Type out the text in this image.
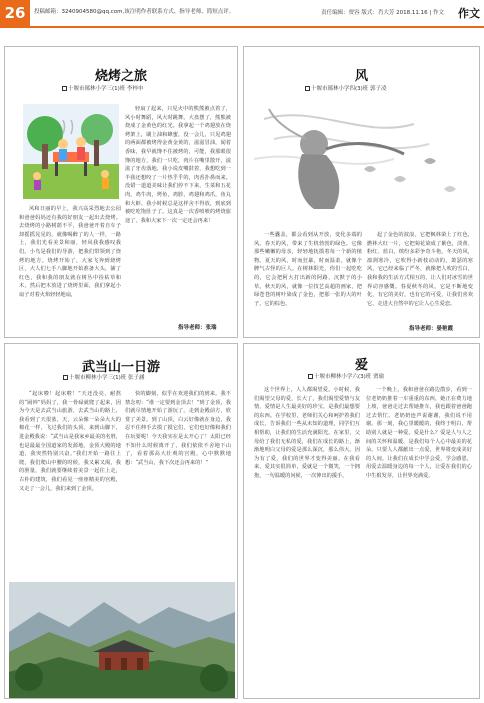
26	投稿邮箱：3240904580@qq.com,该注明作者联系方式、指导老师、简短点评。	责任编辑：贾容 版式：肖大芳 2018.11.16 | 作文 作文
烧烤之旅
十堰市郧林小学三(1)班 李梓申
风和日丽的早上，我兴高采烈地去公园和爸爸妈妈还有我的好朋友一起出去烧烤。去烧烤的小路树荫不平，我爸爸开着自车子却摇摇晃晃的，就像喝醉了的人一样，一路上，我们光看美景和丽，轻风我我感叹我们。小鸟是我们的导游，把我们带领到了烧烤的地方。烧烤开始了，大家飞奔到烧烤区，大人们七手八脚地开始准备大头，铺了红色，我和我的朋友就在树丛中捡枯草和木，然后把木放进了烧烤里面，我们拿起小扇子对着火焰轻轻地扇，
轻扇了起来，只见火中的熊熊被点着了，风小时舞蹈，风大时跳舞。大盘摆了，熊熊被烧成了金黄色的红光。我拿起一个鸡翅放在烧烤架上，刷上油和蜂蜜，没一会儿，只见鸡翅的两面都被烤得金黄金黄的，滋滋冒油，闻着香味，我早就馋不住被烤的，可能，我那眼很馋的地方，我们一只吃，肉片在嘴里散开，滋滋了牙齿落地，我小说皮嘴鼓着，我想吃到一半我还想咬了一片热乎乎的，肉香扑鼻而来。没错一道道美味让我们停不下来，生菜和五花肉，鸡牛肉，烤鱼，鸡胗，鸡翅和鸡爪，鱼丸和大虾。我小时候总是这样舍不得放，到底到被吃吃饱肚子了。这真是一次香喷喷的烤烧旅途了，我和大家下一次一定还会再来！
指导老师：张瑞
风
十堰市郧林小学四(3)班 郭子凌
一些囊盖，都会看到从开放，变化多端的风。春天的风，带来了生机勃勃的绿色。它像那些嫩嫩的母亲，轻轻地抚摸着每一个新的植物。夏天的风，时而狂暴，时而温柔。就像个脾气古怪的巨人。在树林阳光，你们一起吃吃的，它会把阿大打出新的阿路，沉默于的小草。秋天的风，就像一位技艺高超的画家，把绿苍苍的树叶染成了金色，把那一张的大的叶子，它的棕色，
起了金色的波浪，它把枫林染上了红色，燃林大红一片，它把菊花染成了紫色，淡黄、粉红、蓝白，缤纷多彩争奇斗艳。冬天的风，凛冽寒冷，它吹得小新枝动动的，萧瑟的寒风，它已经来临了严冬，就像把人吹的雪白，我和我的生活方式相互的，让人们对冰雪的世界动容感慨。春夏秋冬的风，它是不断地变化，有它的美好，也有它的可爱，让我们喜欢它，走进大自然中的它让人心生爱恋。
指导老师：晏艳霞
武当山一日游
十堰市柳林小学三(1)班 张子涵
“起床啦！起床啦！”天还没亮，耐熬的“闹钟”妈妈了，我一骨碌就爬了起来，因为今天是去武当山旅游，去武当山的路上，我看到了天很蓝，天，云朵像一朵朵大大的棉花一样，飞过我们的头顶。来到山脚下，进金殿我说：“武当山是我家乡最美的名胜，也是最最全国道家的发源地。金顶大殿的地道，我突然特别兴奋。”我们开始一路往上爬，我们爬山中腰的时候，我又累又渴，我的胆量，我们就要继续着美景一起往上走，古朴的建筑，我们看见一座座精美的宫殿，又走了一会儿，我们来到了金顶。
快的脚刻，似乎在欢迎我们的到来。我不禁念叨：“谁一定要到金顶去！”到了金顶，我们就尽情地开始了游玩了。走到金殿前方，欣赏了美景。到了山顶，白云好像就在身边，我忍不住伸手去摸了摸它们，它们也好像和我们在玩耍呢！今天我实在是太开心了！太阳已经不知什么时候离开了，我们依依不舍地下山了，看着那高大壮观的宫殿，心中默默地想：“武当山，我下次还会再来的！”
爱
十堰市柳林小学六(3)班 贾瑜
这个世界上，人人都渴望爱。小时候，我们渴望父母的爱，长大了，我们渴望爱情与友情，爱情是人生最美好的珍宝，是我们最想要的东西。在学校里，老师们关心和呵护着我们成长，告诉我们一些从未知的道理，同学们互相帮助，让我们的生活充满阳光。在家里，父母给了我们无私的爱，我们在成长的路上，渐渐地明白父母的爱是那么深沉，那么伟大。因为有了爱，我们的世界才变得美丽。在我看来，爱其实很简单，爱就是一个微笑，一个拥抱，一句温暖的问候，一次伸出的援手。
一个晚上，我和爸爸在路边散步，看到一位老奶奶推着一车重重的东西，她正在费力地上坡，爸爸走过去帮她推车，我也跟着爸爸跑过去帮忙。老奶奶连声说谢谢，我们说不用谢。那一刻，我心里暖暖的，我终于明白，帮助别人就是一种爱。爱是什么？爱是人与人之间的关怀和温暖，是我们每个人心中最美的花朵。只要人人都献出一点爱，世界将变成美好的人间。让我们在成长中学会爱，学会感恩，用爱去温暖身边的每一个人，让爱在我们的心中生根发芽，让世界充满爱。
